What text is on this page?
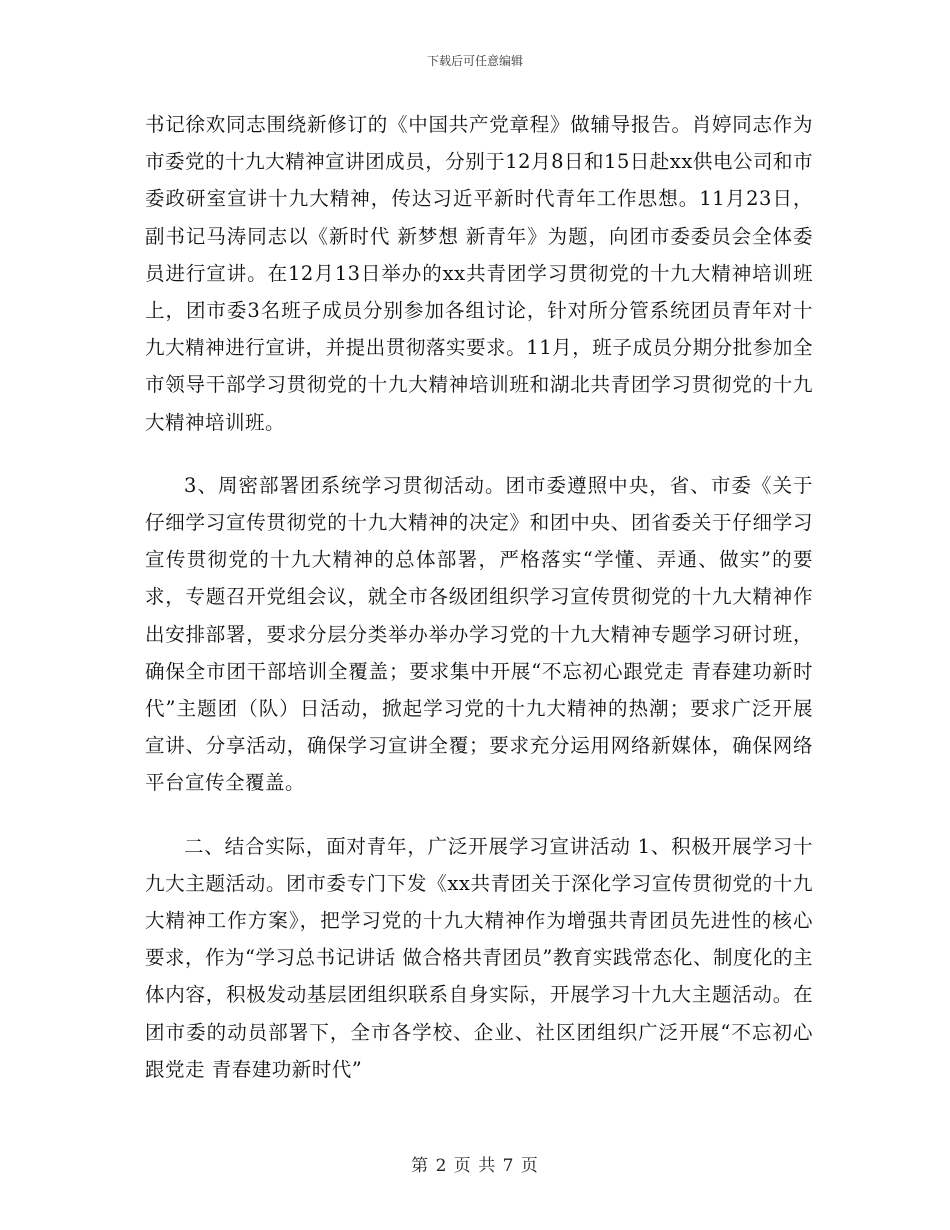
下载后可任意编辑

书记徐欢同志围绕新修订的《中国共产党章程》做辅导报告。肖婷同志作为市委党的十九大精神宣讲团成员，分别于12月8日和15日赴xx供电公司和市委政研室宣讲十九大精神，传达习近平新时代青年工作思想。11月23日，副书记马涛同志以《新时代 新梦想 新青年》为题，向团市委委员会全体委员进行宣讲。在12月13日举办的xx共青团学习贯彻党的十九大精神培训班上，团市委3名班子成员分别参加各组讨论，针对所分管系统团员青年对十九大精神进行宣讲，并提出贯彻落实要求。11月，班子成员分期分批参加全市领导干部学习贯彻党的十九大精神培训班和湖北共青团学习贯彻党的十九大精神培训班。

3、周密部署团系统学习贯彻活动。团市委遵照中央，省、市委《关于仔细学习宣传贯彻党的十九大精神的决定》和团中央、团省委关于仔细学习宣传贯彻党的十九大精神的总体部署，严格落实“学懂、弄通、做实”的要求，专题召开党组会议，就全市各级团组织学习宣传贯彻党的十九大精神作出安排部署，要求分层分类举办举办学习党的十九大精神专题学习研讨班，确保全市团干部培训全覆盖；要求集中开展“不忘初心跟党走 青春建功新时代”主题团（队）日活动，掀起学习党的十九大精神的热潮；要求广泛开展宣讲、分享活动，确保学习宣讲全覆；要求充分运用网络新媒体，确保网络平台宣传全覆盖。

二、结合实际，面对青年，广泛开展学习宣讲活动 1、积极开展学习十九大主题活动。团市委专门下发《xx共青团关于深化学习宣传贯彻党的十九大精神工作方案》，把学习党的十九大精神作为增强共青团员先进性的核心要求，作为“学习总书记讲话 做合格共青团员”教育实践常态化、制度化的主体内容，积极发动基层团组织联系自身实际，开展学习十九大主题活动。在团市委的动员部署下，全市各学校、企业、社区团组织广泛开展“不忘初心跟党走 青春建功新时代”

第 2 页 共 7 页
